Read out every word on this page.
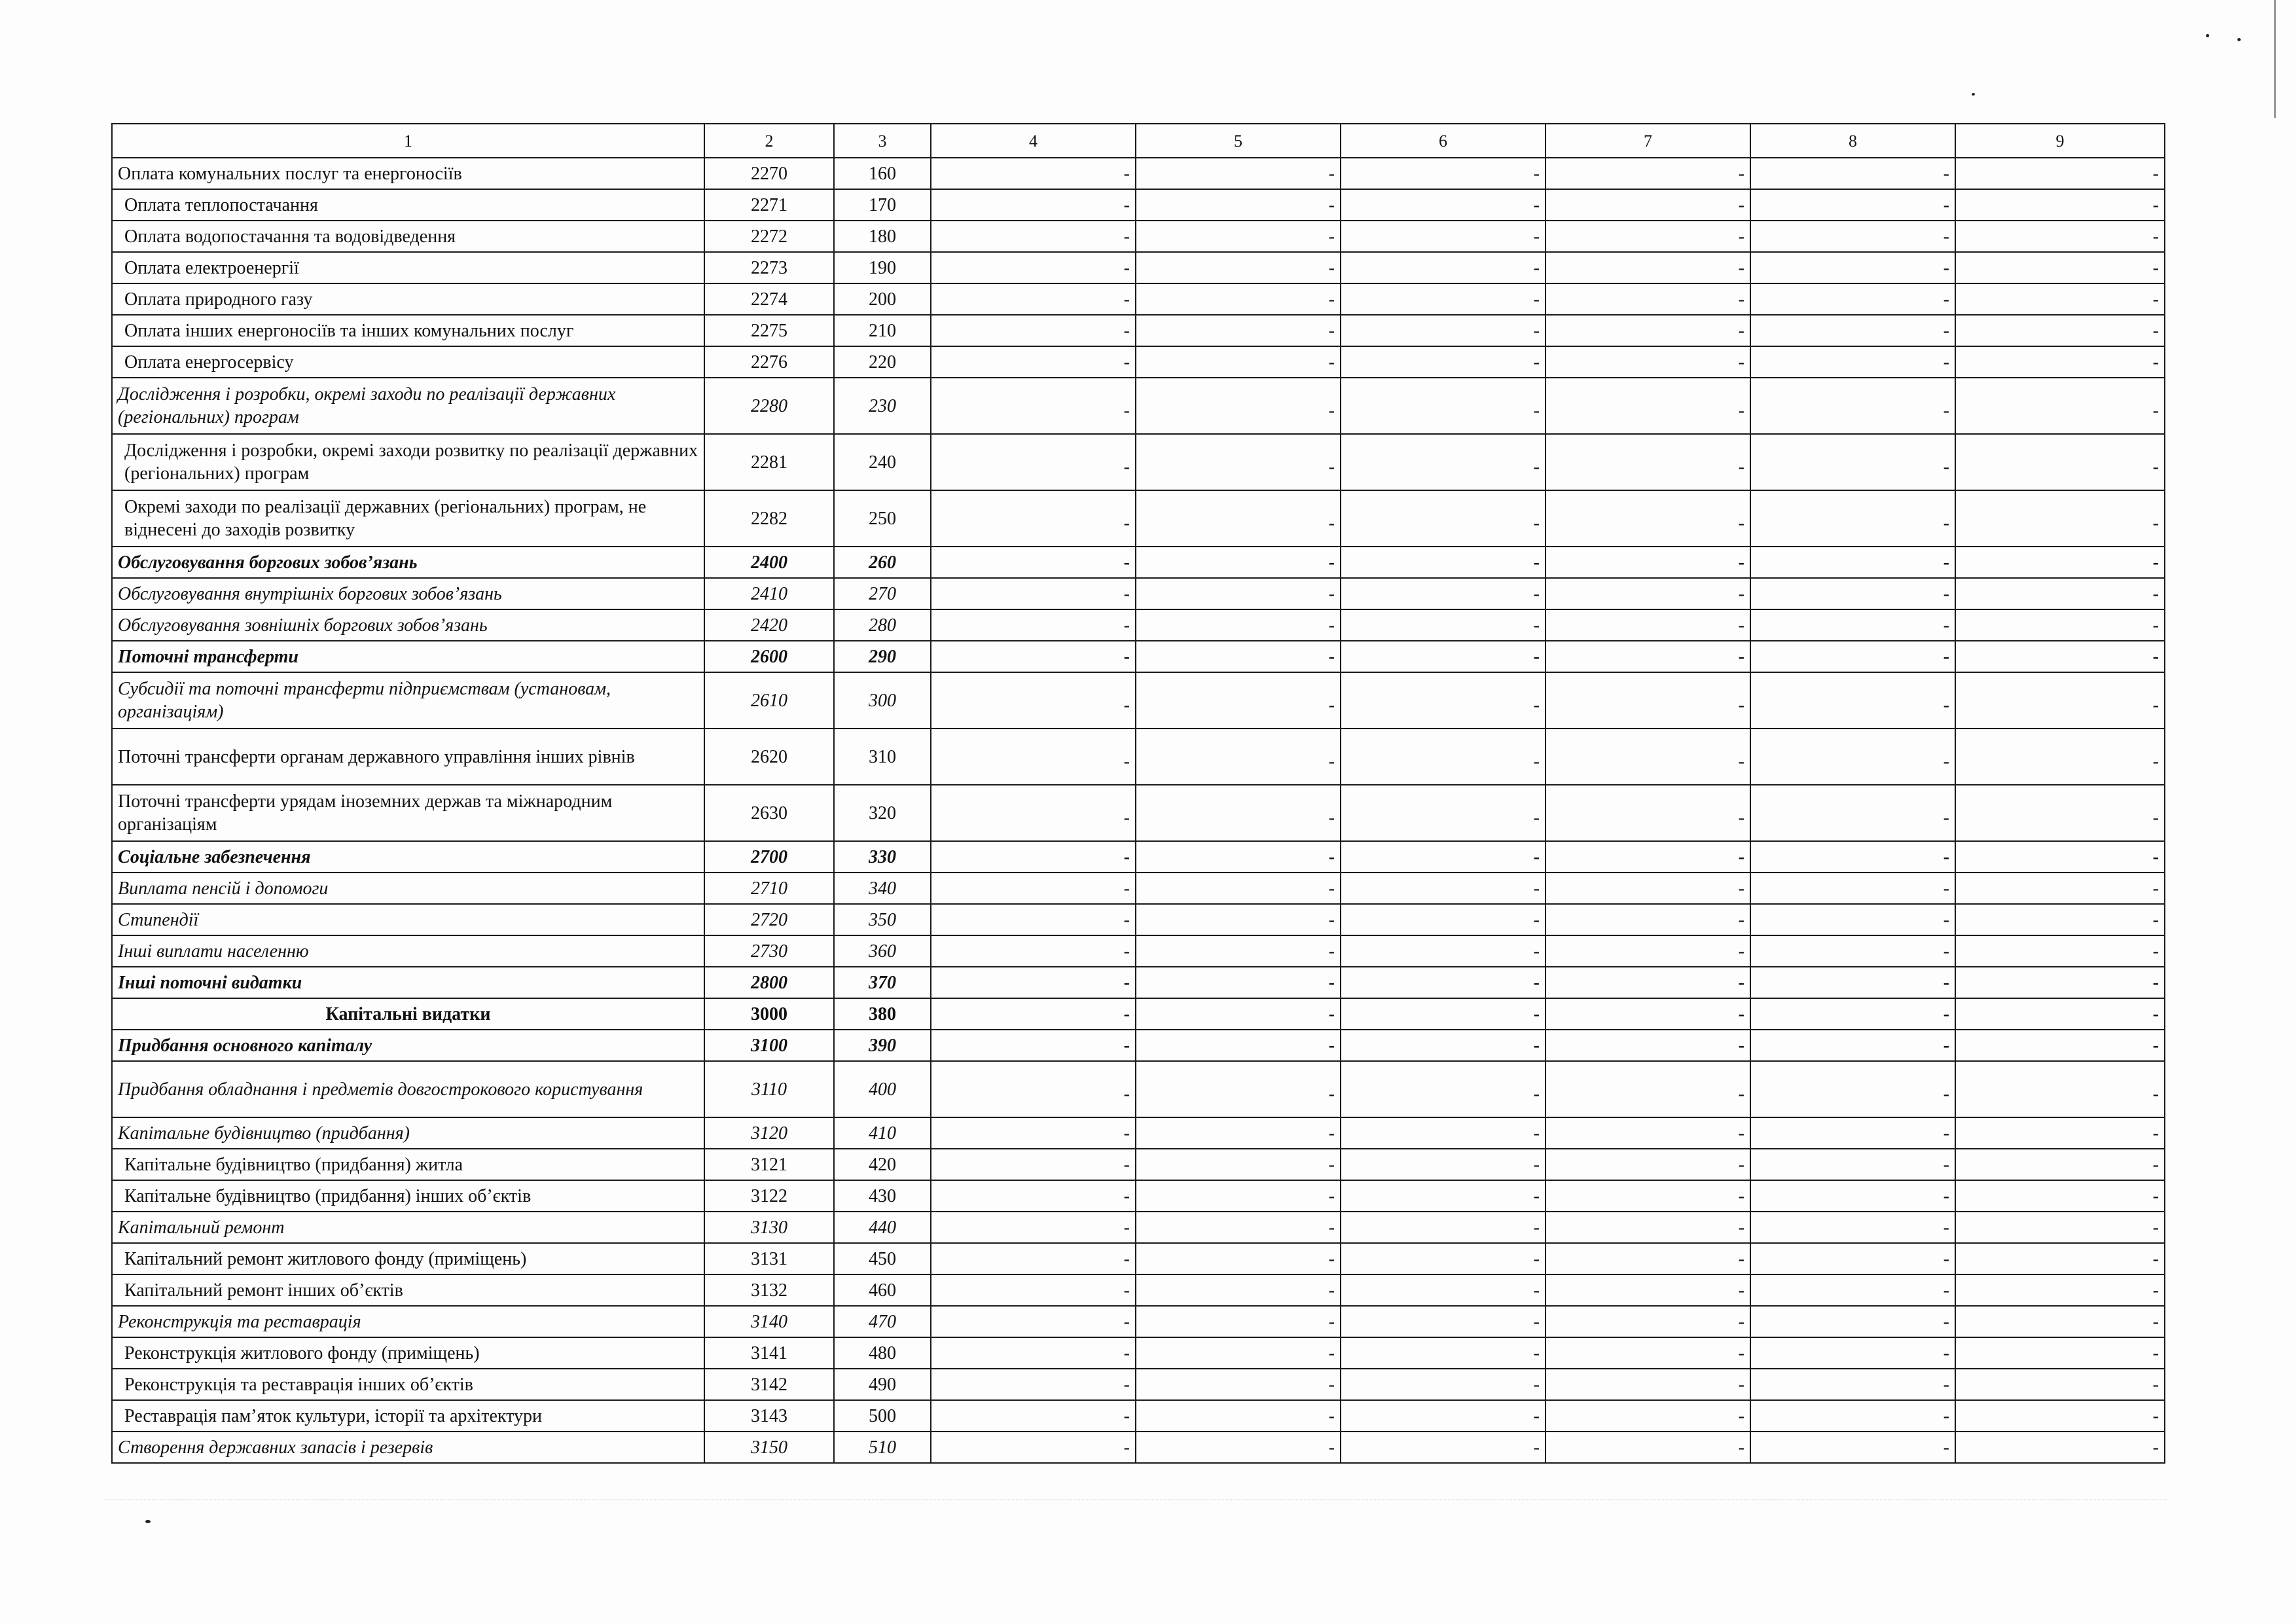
1	2	3	4	5	6	7	8	9
Оплата комунальних послуг та енергоносіїв	2270	160	-	-	-	-	-	-
Оплата теплопостачання	2271	170	-	-	-	-	-	-
Оплата водопостачання та водовідведення	2272	180	-	-	-	-	-	-
Оплата електроенергії	2273	190	-	-	-	-	-	-
Оплата природного газу	2274	200	-	-	-	-	-	-
Оплата інших енергоносіїв та інших комунальних послуг	2275	210	-	-	-	-	-	-
Оплата енергосервісу	2276	220	-	-	-	-	-	-
Дослідження і розробки, окремі заходи по реалізації державних (регіональних) програм	2280	230	-	-	-	-	-	-
Дослідження і розробки, окремі заходи розвитку по реалізації державних (регіональних) програм	2281	240	-	-	-	-	-	-
Окремі заходи по реалізації державних (регіональних) програм, не віднесені до заходів розвитку	2282	250	-	-	-	-	-	-
Обслуговування боргових зобов’язань	2400	260	-	-	-	-	-	-
Обслуговування внутрішніх боргових зобов’язань	2410	270	-	-	-	-	-	-
Обслуговування зовнішніх боргових зобов’язань	2420	280	-	-	-	-	-	-
Поточні трансферти	2600	290	-	-	-	-	-	-
Субсидії та поточні трансферти підприємствам (установам, організаціям)	2610	300	-	-	-	-	-	-
Поточні трансферти органам державного управління інших рівнів	2620	310	-	-	-	-	-	-
Поточні трансферти урядам іноземних держав та міжнародним організаціям	2630	320	-	-	-	-	-	-
Соціальне забезпечення	2700	330	-	-	-	-	-	-
Виплата пенсій і допомоги	2710	340	-	-	-	-	-	-
Стипендії	2720	350	-	-	-	-	-	-
Інші виплати населенню	2730	360	-	-	-	-	-	-
Інші поточні видатки	2800	370	-	-	-	-	-	-
Капітальні видатки	3000	380	-	-	-	-	-	-
Придбання основного капіталу	3100	390	-	-	-	-	-	-
Придбання обладнання і предметів довгострокового користування	3110	400	-	-	-	-	-	-
Капітальне будівництво (придбання)	3120	410	-	-	-	-	-	-
Капітальне будівництво (придбання) житла	3121	420	-	-	-	-	-	-
Капітальне будівництво (придбання) інших об’єктів	3122	430	-	-	-	-	-	-
Капітальний ремонт	3130	440	-	-	-	-	-	-
Капітальний ремонт житлового фонду (приміщень)	3131	450	-	-	-	-	-	-
Капітальний ремонт інших об’єктів	3132	460	-	-	-	-	-	-
Реконструкція та реставрація	3140	470	-	-	-	-	-	-
Реконструкція житлового фонду (приміщень)	3141	480	-	-	-	-	-	-
Реконструкція та реставрація інших об’єктів	3142	490	-	-	-	-	-	-
Реставрація пам’яток культури, історії та архітектури	3143	500	-	-	-	-	-	-
Створення державних запасів і резервів	3150	510	-	-	-	-	-	-
